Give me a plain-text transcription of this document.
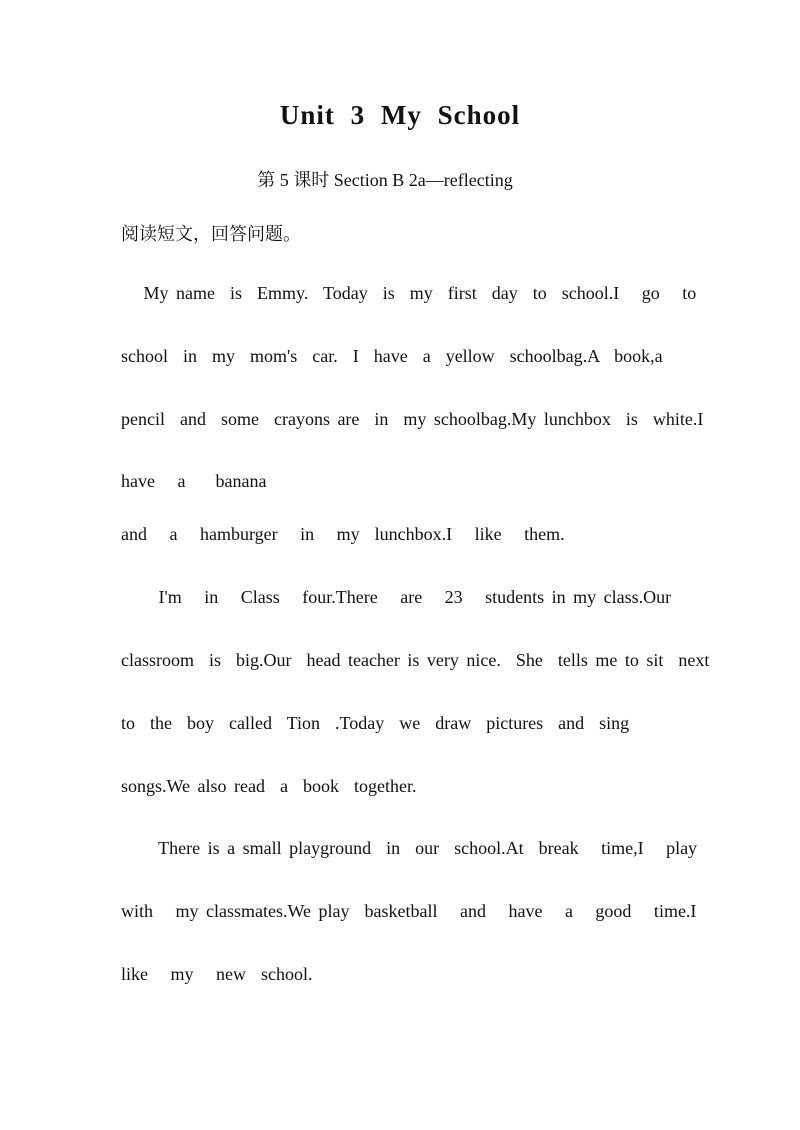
Unit 3 My School
第 5 课时 Section B 2a—reflecting
阅读短文，回答问题。
My name  is  Emmy.  Today  is  my  first  day  to  school.I   go   to
school  in  my  mom's  car.  I  have  a  yellow  schoolbag.A  book,a
pencil  and  some  crayons are  in  my schoolbag.My lunchbox  is  white.I
have   a    banana
and   a   hamburger   in   my  lunchbox.I   like   them.
I'm   in   Class   four.There   are   23   students in my class.Our
classroom  is  big.Our  head teacher is very nice.  She  tells me to sit  next
to  the  boy  called  Tion  .Today  we  draw  pictures  and  sing
songs.We also read  a  book  together.
There is a small playground  in  our  school.At  break   time,I   play
with   my classmates.We play  basketball   and   have   a   good   time.I
like   my   new  school.
